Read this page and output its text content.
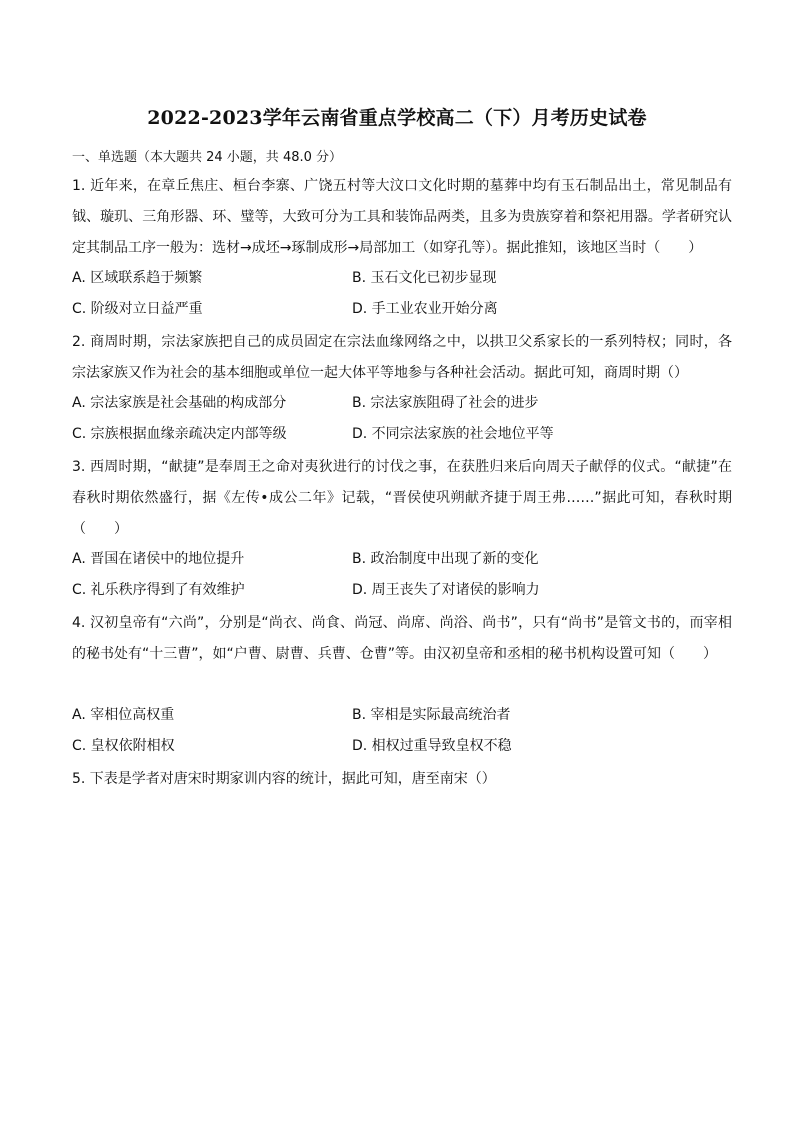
2022-2023学年云南省重点学校高二（下）月考历史试卷
一、单选题（本大题共 24 小题，共 48.0 分）
1. 近年来，在章丘焦庄、桓台李寨、广饶五村等大汶口文化时期的墓葬中均有玉石制品出土，常见制品有钺、璇玑、三角形器、环、璧等，大致可分为工具和装饰品两类，且多为贵族穿着和祭祀用器。学者研究认定其制品工序一般为：选材→成坯→琢制成形→局部加工（如穿孔等）。据此推知，该地区当时（　　）
A. 区域联系趋于频繁	B. 玉石文化已初步显现
C. 阶级对立日益严重	D. 手工业农业开始分离
2. 商周时期，宗法家族把自己的成员固定在宗法血缘网络之中，以拱卫父系家长的一系列特权；同时，各宗法家族又作为社会的基本细胞或单位一起大体平等地参与各种社会活动。据此可知，商周时期（）
A. 宗法家族是社会基础的构成部分	B. 宗法家族阻碍了社会的进步
C. 宗族根据血缘亲疏决定内部等级	D. 不同宗法家族的社会地位平等
3. 西周时期，“献捷”是奉周王之命对夷狄进行的讨伐之事，在获胜归来后向周天子献俘的仪式。“献捷”在春秋时期依然盛行，据《左传•成公二年》记载，“晋侯使巩朔献齐捷于周王弗……”据此可知，春秋时期（　　）
A. 晋国在诸侯中的地位提升	B. 政治制度中出现了新的变化
C. 礼乐秩序得到了有效维护	D. 周王丧失了对诸侯的影响力
4. 汉初皇帝有“六尚”，分别是“尚衣、尚食、尚冠、尚席、尚浴、尚书”，只有“尚书”是管文书的，而宰相的秘书处有“十三曹”，如“户曹、尉曹、兵曹、仓曹”等。由汉初皇帝和丞相的秘书机构设置可知（　　）
A. 宰相位高权重	B. 宰相是实际最高统治者
C. 皇权依附相权	D. 相权过重导致皇权不稳
5. 下表是学者对唐宋时期家训内容的统计，据此可知，唐至南宋（）
